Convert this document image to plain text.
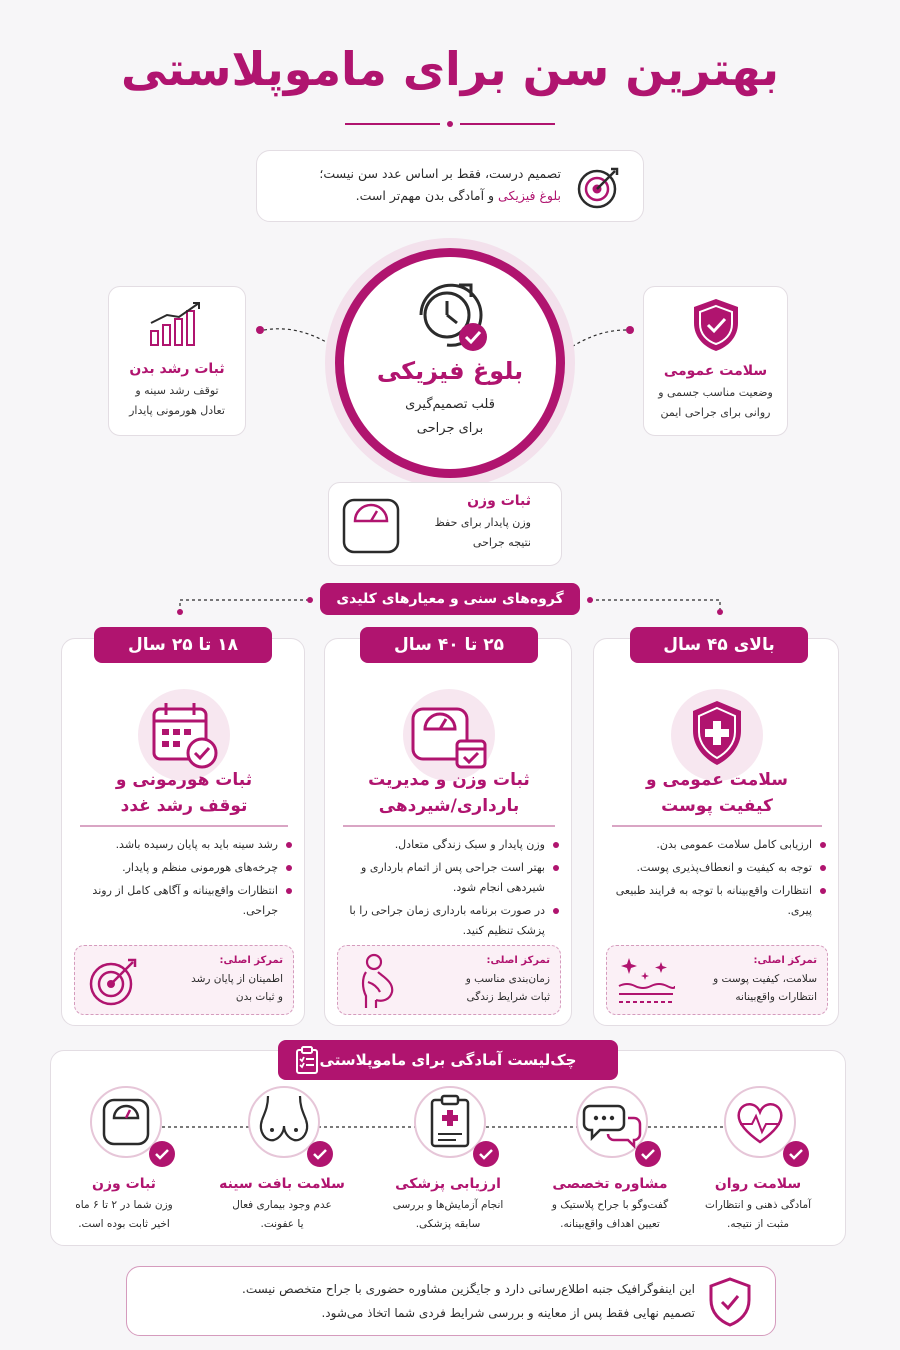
بهترین سن برای ماموپلاستی
تصمیم درست، فقط بر اساس عدد سن نیست؛
بلوغ فیزیکی و آمادگی بدن مهم‌تر است.
بلوغ فیزیکی
قلب تصمیم‌گیری
برای جراحی
ثبات رشد بدن
توقف رشد سینه و
تعادل هورمونی پایدار
سلامت عمومی
وضعیت مناسب جسمی و
روانی برای جراحی ایمن
ثبات وزن
وزن پایدار برای حفظ
نتیجه جراحی
گروه‌های سنی و معیارهای کلیدی
۱۸ تا ۲۵ سال
ثبات هورمونی و
توقف رشد غدد
رشد سینه باید به پایان رسیده باشد.
چرخه‌های هورمونی منظم و پایدار.
انتظارات واقع‌بینانه و آگاهی کامل از روند جراحی.
تمرکز اصلی:
اطمینان از پایان رشد
و ثبات بدن
۲۵ تا ۴۰ سال
ثبات وزن و مدیریت
بارداری/شیردهی
وزن پایدار و سبک زندگی متعادل.
بهتر است جراحی پس از اتمام بارداری و شیردهی انجام شود.
در صورت برنامه بارداری زمان جراحی را با پزشک تنظیم کنید.
تمرکز اصلی:
زمان‌بندی مناسب و
ثبات شرایط زندگی
بالای ۴۵ سال
سلامت عمومی و
کیفیت پوست
ارزیابی کامل سلامت عمومی بدن.
توجه به کیفیت و انعطاف‌پذیری پوست.
انتظارات واقع‌بینانه با توجه به فرایند طبیعی پیری.
تمرکز اصلی:
سلامت، کیفیت پوست و
انتظارات واقع‌بینانه
چک‌لیست آمادگی برای ماموپلاستی
سلامت روان
آمادگی ذهنی و انتظارات
مثبت از نتیجه.
مشاوره تخصصی
گفت‌وگو با جراح پلاستیک و
تعیین اهداف واقع‌بینانه.
ارزیابی پزشکی
انجام آزمایش‌ها و بررسی
سابقه پزشکی.
سلامت بافت سینه
عدم وجود بیماری فعال
یا عفونت.
ثبات وزن
وزن شما در ۲ تا ۶ ماه
اخیر ثابت بوده است.
این اینفوگرافیک جنبه اطلاع‌رسانی دارد و جایگزین مشاوره حضوری با جراح متخصص نیست.
تصمیم نهایی فقط پس از معاینه و بررسی شرایط فردی شما اتخاذ می‌شود.
